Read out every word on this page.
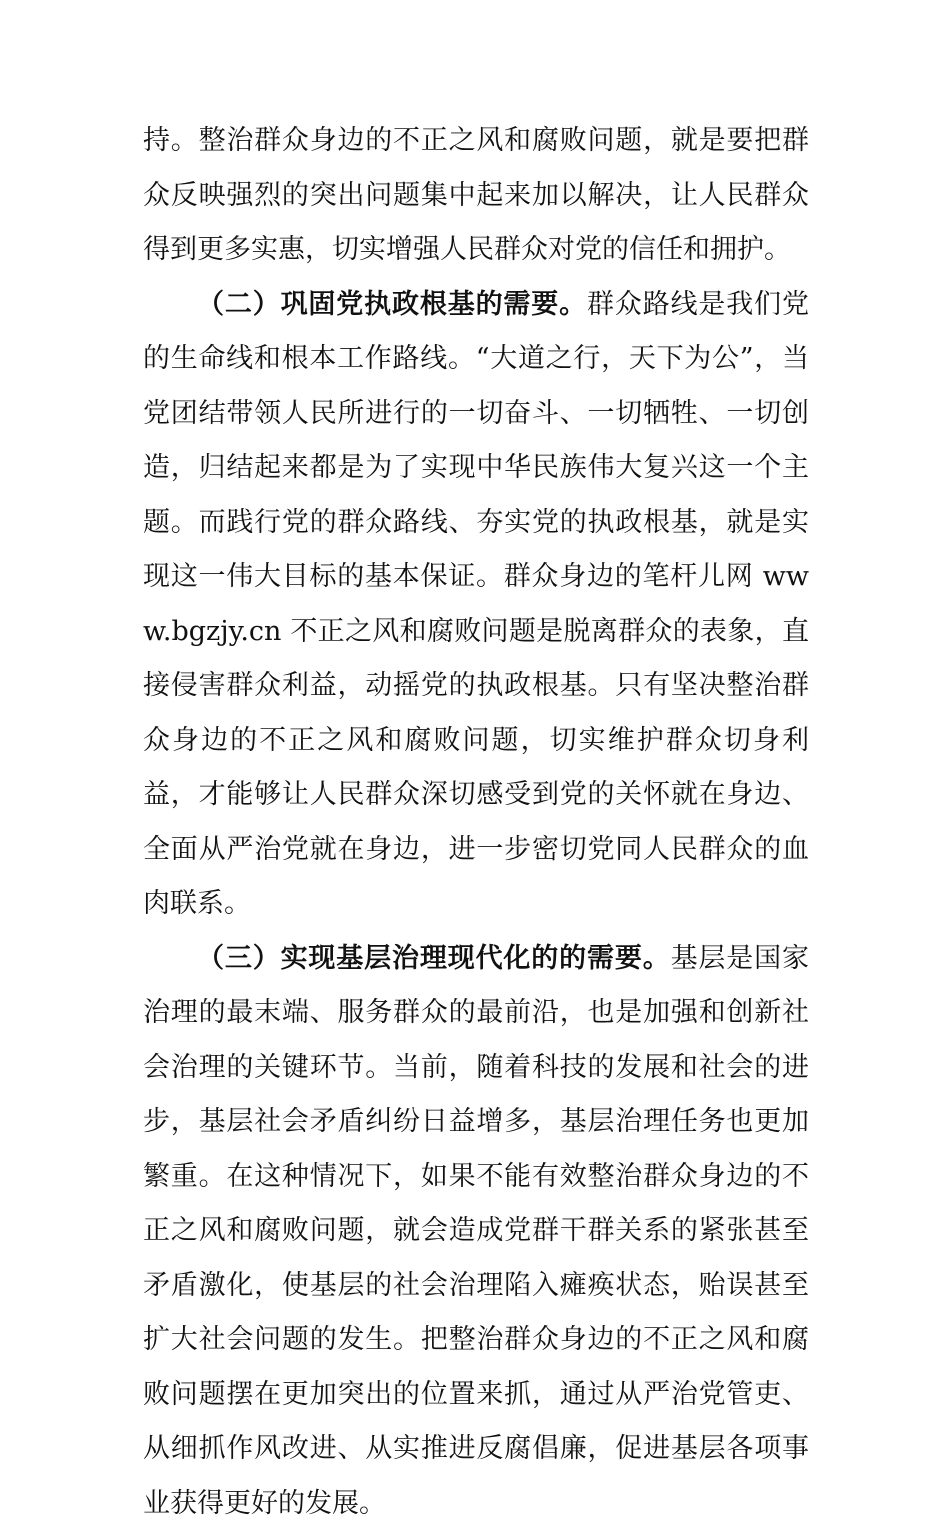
持。整治群众身边的不正之风和腐败问题，就是要把群众反映强烈的突出问题集中起来加以解决，让人民群众得到更多实惠，切实增强人民群众对党的信任和拥护。

（二）巩固党执政根基的需要。群众路线是我们党的生命线和根本工作路线。“大道之行，天下为公”，当党团结带领人民所进行的一切奋斗、一切牺牲、一切创造，归结起来都是为了实现中华民族伟大复兴这一个主题。而践行党的群众路线、夯实党的执政根基，就是实现这一伟大目标的基本保证。群众身边的笔杆儿网 www.bgzjy.cn 不正之风和腐败问题是脱离群众的表象，直接侵害群众利益，动摇党的执政根基。只有坚决整治群众身边的不正之风和腐败问题，切实维护群众切身利益，才能够让人民群众深切感受到党的关怀就在身边、全面从严治党就在身边，进一步密切党同人民群众的血肉联系。

（三）实现基层治理现代化的的需要。基层是国家治理的最末端、服务群众的最前沿，也是加强和创新社会治理的关键环节。当前，随着科技的发展和社会的进步，基层社会矛盾纠纷日益增多，基层治理任务也更加繁重。在这种情况下，如果不能有效整治群众身边的不正之风和腐败问题，就会造成党群干群关系的紧张甚至矛盾激化，使基层的社会治理陷入瘫痪状态，贻误甚至扩大社会问题的发生。把整治群众身边的不正之风和腐败问题摆在更加突出的位置来抓，通过从严治党管吏、从细抓作风改进、从实推进反腐倡廉，促进基层各项事业获得更好的发展。
